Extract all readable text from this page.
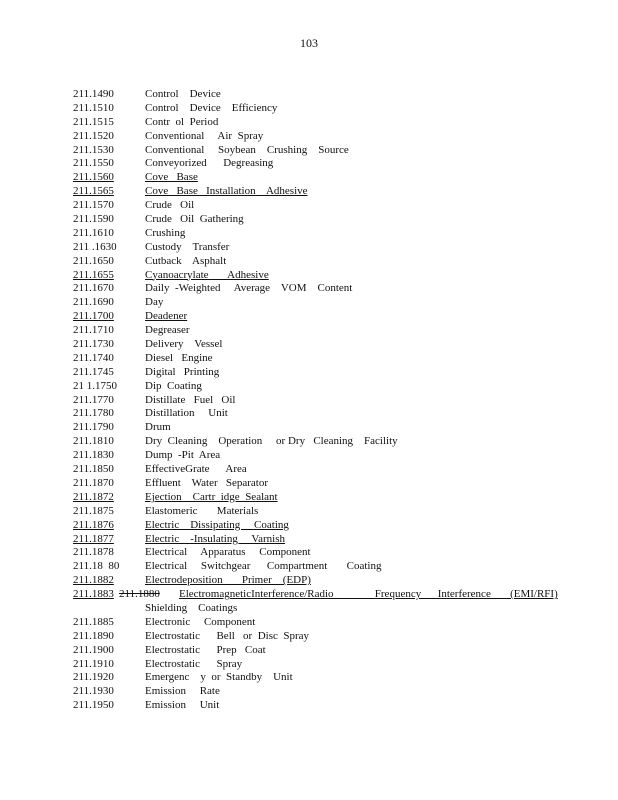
103
211.1490	Control    Device
211.1510	Control    Device    Efficiency
211.1515	Contr  ol  Period
211.1520	Conventional     Air  Spray
211.1530	Conventional     Soybean    Crushing    Source
211.1550	Conveyorized      Degreasing
211.1560	Cove   Base
211.1565	Cove   Base   Installation    Adhesive
211.1570	Crude   Oil
211.1590	Crude   Oil  Gathering
211.1610	Crushing
211 .1630	Custody    Transfer
211.1650	Cutback    Asphalt
211.1655	Cyanoacrylate       Adhesive
211.1670	Daily  -Weighted     Average    VOM    Content
211.1690	Day
211.1700	Deadener
211.1710	Degreaser
211.1730	Delivery    Vessel
211.1740	Diesel   Engine
211.1745	Digital   Printing
21 1.1750	Dip  Coating
211.1770	Distillate   Fuel   Oil
211.1780	Distillation     Unit
211.1790	Drum
211.1810	Dry  Cleaning    Operation     or Dry   Cleaning    Facility
211.1830	Dump  -Pit  Area
211.1850	EffectiveGrate      Area
211.1870	Effluent    Water   Separator
211.1872	Ejection    Cartr  idge  Sealant
211.1875	Elastomeric       Materials
211.1876	Electric    Dissipating     Coating
211.1877	Electric    -Insulating     Varnish
211.1878	Electrical     Apparatus     Component
211.18  80 Electrical     Switchgear      Compartment       Coating
211.1882	Electrodeposition       Primer    (EDP)
211.1883 211.1880 ElectromagneticInterference/Radio               Frequency      Interference       (EMI/RFI)
Shielding    Coatings
211.1885	Electronic     Component
211.1890	Electrostatic      Bell   or  Disc  Spray
211.1900	Electrostatic      Prep   Coat
211.1910	Electrostatic      Spray
211.1920	Emergenc    y  or  Standby    Unit
211.1930	Emission     Rate
211.1950	Emission     Unit
